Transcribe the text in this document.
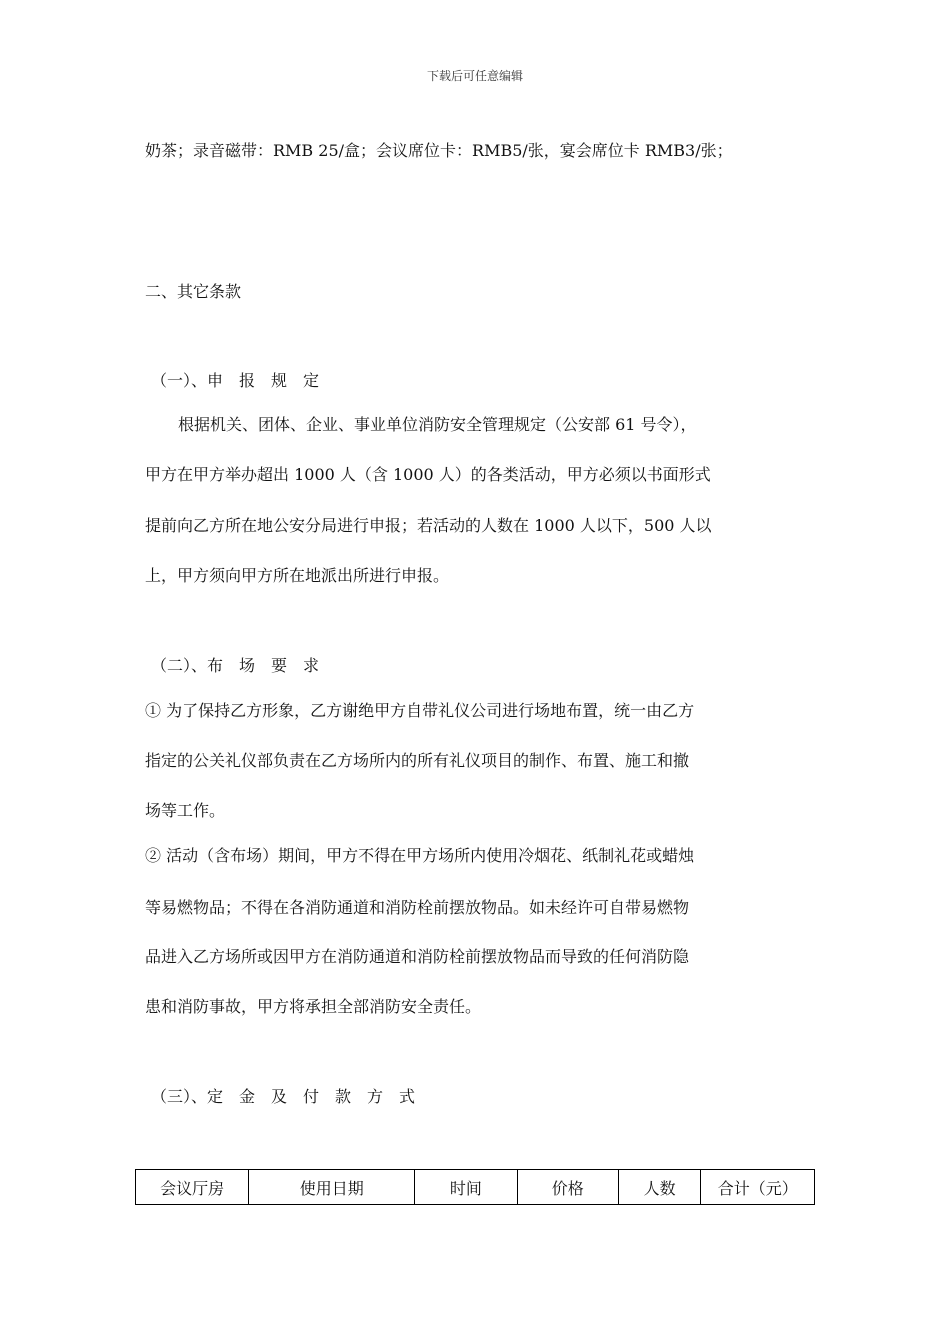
下载后可任意编辑
奶茶；录音磁带：RMB 25/盒；会议席位卡：RMB5/张，宴会席位卡 RMB3/张；
二、其它条款
（一）、申　报　规　定
根据机关、团体、企业、事业单位消防安全管理规定（公安部 61 号令），
甲方在甲方举办超出 1000 人（含 1000 人）的各类活动，甲方必须以书面形式
提前向乙方所在地公安分局进行申报；若活动的人数在 1000 人以下，500 人以
上，甲方须向甲方所在地派出所进行申报。
（二）、布　场　要　求
① 为了保持乙方形象，乙方谢绝甲方自带礼仪公司进行场地布置，统一由乙方
指定的公关礼仪部负责在乙方场所内的所有礼仪项目的制作、布置、施工和撤
场等工作。
② 活动（含布场）期间，甲方不得在甲方场所内使用冷烟花、纸制礼花或蜡烛
等易燃物品；不得在各消防通道和消防栓前摆放物品。如未经许可自带易燃物
品进入乙方场所或因甲方在消防通道和消防栓前摆放物品而导致的任何消防隐
患和消防事故，甲方将承担全部消防安全责任。
（三）、定　金　及　付　款　方　式
会议厅房	使用日期	时间	价格	人数	合计（元）
